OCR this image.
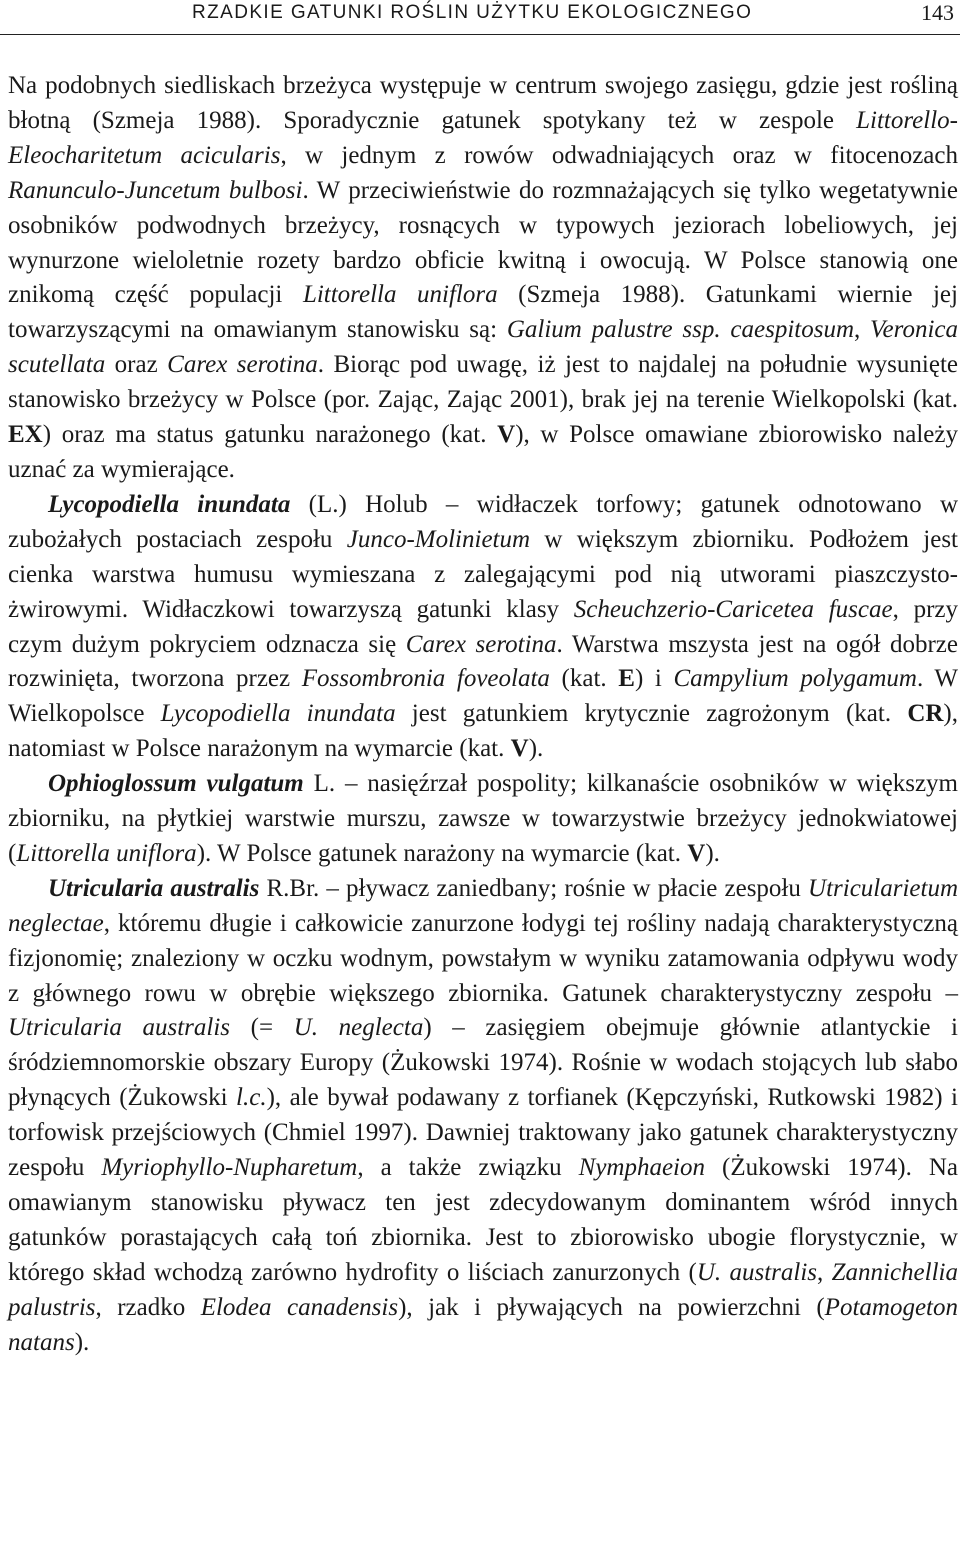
RZADKIE GATUNKI ROŚLIN UŻYTKU EKOLOGICZNEGO	143

Na podobnych siedliskach brzeżyca występuje w centrum swojego zasięgu, gdzie jest rośliną błotną (Szmeja 1988). Sporadycznie gatunek spotykany też w zespole Littorello-Eleocharitetum acicularis, w jednym z rowów odwadniających oraz w fitocenozach Ranunculo-Juncetum bulbosi. W przeciwieństwie do rozmnażających się tylko wegetatywnie osobników podwodnych brzeżycy, rosnących w typowych jeziorach lobeliowych, jej wynurzone wieloletnie rozety bardzo obficie kwitną i owocują. W Polsce stanowią one znikomą część populacji Littorella uniflora (Szmeja 1988). Gatunkami wiernie jej towarzyszącymi na omawianym stanowisku są: Galium palustre ssp. caespitosum, Veronica scutellata oraz Carex serotina. Biorąc pod uwagę, iż jest to najdalej na południe wysunięte stanowisko brzeżycy w Polsce (por. Zając, Zając 2001), brak jej na terenie Wielkopolski (kat. EX) oraz ma status gatunku narażonego (kat. V), w Polsce omawiane zbiorowisko należy uznać za wymierające.

Lycopodiella inundata (L.) Holub – widłaczek torfowy; gatunek odnotowano w zubożałych postaciach zespołu Junco-Molinietum w większym zbiorniku. Podłożem jest cienka warstwa humusu wymieszana z zalegającymi pod nią utworami piaszczysto-żwirowymi. Widłaczkowi towarzyszą gatunki klasy Scheuchzerio-Caricetea fuscae, przy czym dużym pokryciem odznacza się Carex serotina. Warstwa mszysta jest na ogół dobrze rozwinięta, tworzona przez Fossombronia foveolata (kat. E) i Campylium polygamum. W Wielkopolsce Lycopodiella inundata jest gatunkiem krytycznie zagrożonym (kat. CR), natomiast w Polsce narażonym na wymarcie (kat. V).

Ophioglossum vulgatum L. – nasięźrzał pospolity; kilkanaście osobników w większym zbiorniku, na płytkiej warstwie murszu, zawsze w towarzystwie brzeżycy jednokwiatowej (Littorella uniflora). W Polsce gatunek narażony na wymarcie (kat. V).

Utricularia australis R.Br. – pływacz zaniedbany; rośnie w płacie zespołu Utricularietum neglectae, któremu długie i całkowicie zanurzone łodygi tej rośliny nadają charakterystyczną fizjonomię; znaleziony w oczku wodnym, powstałym w wyniku zatamowania odpływu wody z głównego rowu w obrębie większego zbiornika. Gatunek charakterystyczny zespołu – Utricularia australis (= U. neglecta) – zasięgiem obejmuje głównie atlantyckie i śródziemnomorskie obszary Europy (Żukowski 1974). Rośnie w wodach stojących lub słabo płynących (Żukowski l.c.), ale bywał podawany z torfianek (Kępczyński, Rutkowski 1982) i torfowisk przejściowych (Chmiel 1997). Dawniej traktowany jako gatunek charakterystyczny zespołu Myriophyllo-Nupharetum, a także związku Nymphaeion (Żukowski 1974). Na omawianym stanowisku pływacz ten jest zdecydowanym dominantem wśród innych gatunków porastających całą toń zbiornika. Jest to zbiorowisko ubogie florystycznie, w którego skład wchodzą zarówno hydrofity o liściach zanurzonych (U. australis, Zannichellia palustris, rzadko Elodea canadensis), jak i pływających na powierzchni (Potamogeton natans).
